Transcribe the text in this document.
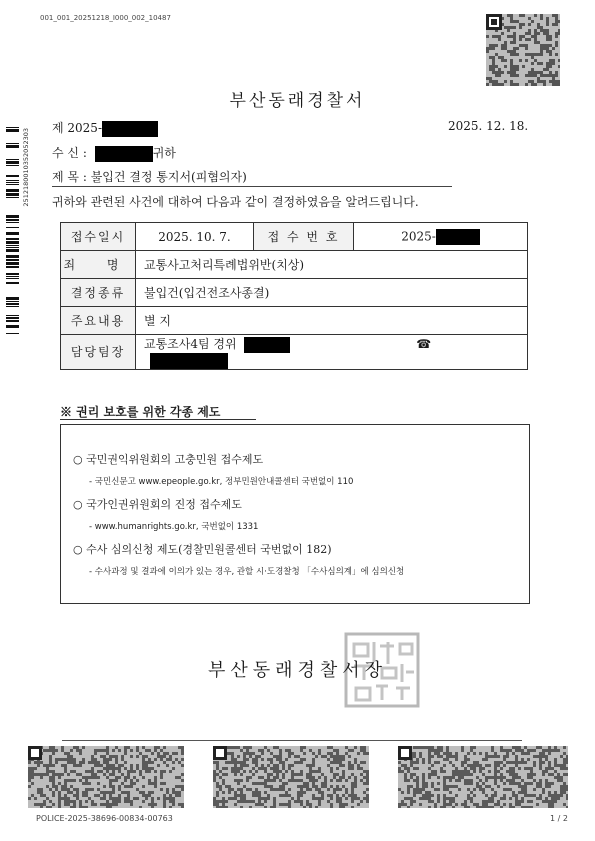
001_001_20251218_I000_002_10487
2512180010352052303
부산동래경찰서
제 2025-	2025. 12. 18.
수 신 :	귀하
제 목 : 불입건 결정 통지서(피혐의자)
귀하와 관련된 사건에 대하여 다음과 같이 결정하였음을 알려드립니다.
접수일시	2025. 10. 7.	접 수 번 호	2025-
죄 명	교통사고처리특례법위반(치상)		
결정종류	불입건(입건전조사종결)		
주요내용	별 지		
담당팀장	교통조사4팀 경위 ☎		
※ 권리 보호를 위한 각종 제도
○ 국민권익위원회의 고충민원 접수제도
- 국민신문고 www.epeople.go.kr, 정부민원안내콜센터 국번없이 110
○ 국가인권위원회의 진정 접수제도
- www.humanrights.go.kr, 국번없이 1331
○ 수사 심의신청 제도(경찰민원콜센터 국번없이 182)
- 수사과정 및 결과에 이의가 있는 경우, 관할 시·도경찰청 「수사심의계」에 심의신청
부산동래경찰서장
POLICE-2025-38696-00834-00763	1 / 2
